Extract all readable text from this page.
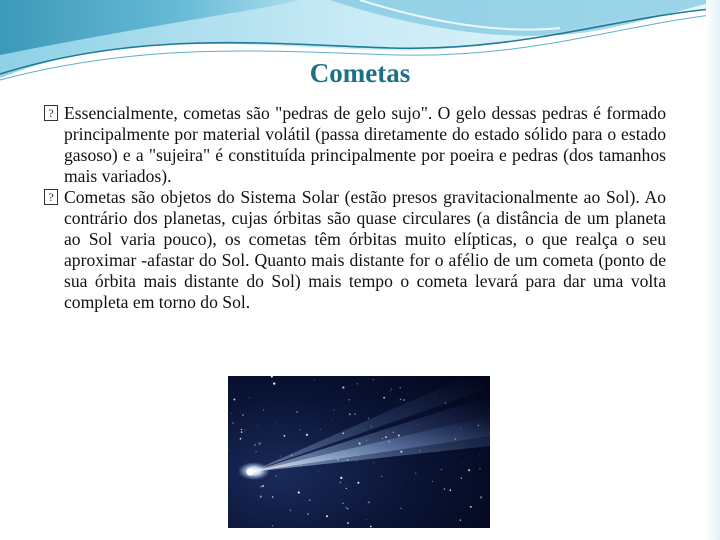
Cometas
? Essencialmente, cometas são "pedras de gelo sujo". O gelo dessas pedras é formado principalmente por material volátil (passa diretamente do estado sólido para o estado gasoso) e a "sujeira" é constituída principalmente por poeira e pedras (dos tamanhos mais variados).
? Cometas são objetos do Sistema Solar (estão presos gravitacionalmente ao Sol). Ao contrário dos planetas, cujas órbitas são quase circulares (a distância de um planeta ao Sol varia pouco), os cometas têm órbitas muito elípticas, o que realça o seu aproximar -afastar do Sol. Quanto mais distante for o afélio de um cometa (ponto de sua órbita mais distante do Sol) mais tempo o cometa levará para dar uma volta completa em torno do Sol.
